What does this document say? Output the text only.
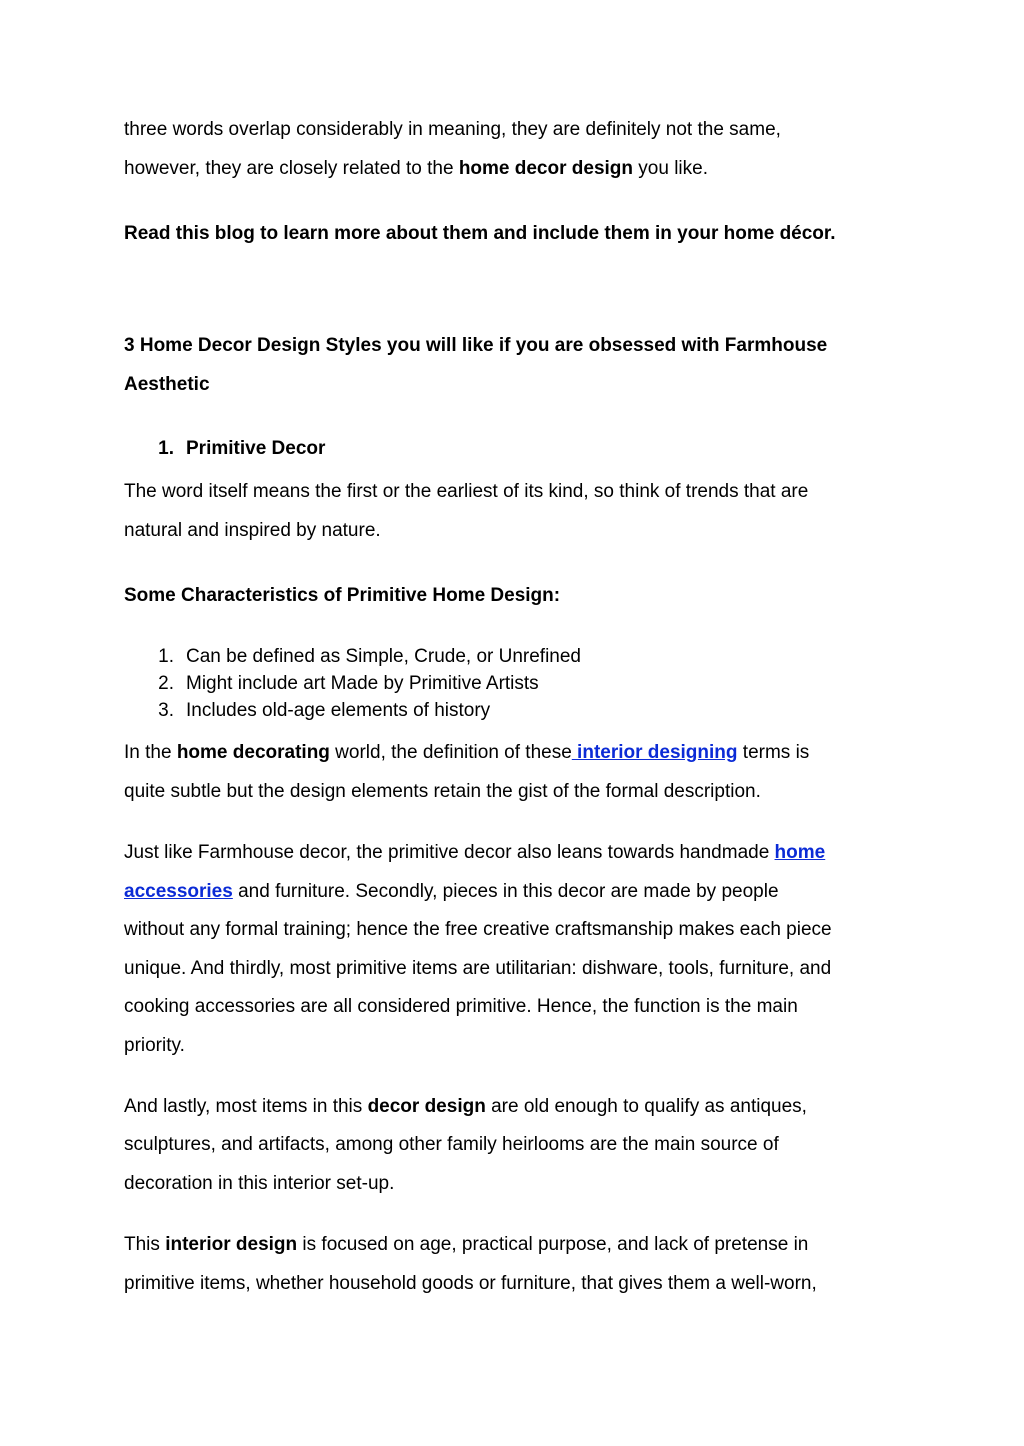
three words overlap considerably in meaning, they are definitely not the same,
however, they are closely related to the home decor design you like.
Read this blog to learn more about them and include them in your home décor.
3 Home Decor Design Styles you will like if you are obsessed with Farmhouse
Aesthetic
1. Primitive Decor
The word itself means the first or the earliest of its kind, so think of trends that are
natural and inspired by nature.
Some Characteristics of Primitive Home Design:
1. Can be defined as Simple, Crude, or Unrefined
2. Might include art Made by Primitive Artists
3. Includes old-age elements of history
In the home decorating world, the definition of these interior designing terms is
quite subtle but the design elements retain the gist of the formal description.
Just like Farmhouse decor, the primitive decor also leans towards handmade home
accessories and furniture. Secondly, pieces in this decor are made by people
without any formal training; hence the free creative craftsmanship makes each piece
unique. And thirdly, most primitive items are utilitarian: dishware, tools, furniture, and
cooking accessories are all considered primitive. Hence, the function is the main
priority.
And lastly, most items in this decor design are old enough to qualify as antiques,
sculptures, and artifacts, among other family heirlooms are the main source of
decoration in this interior set-up.
This interior design is focused on age, practical purpose, and lack of pretense in
primitive items, whether household goods or furniture, that gives them a well-worn,
